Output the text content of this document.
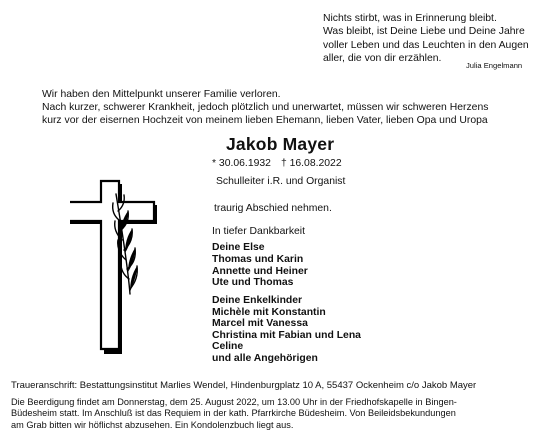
Nichts stirbt, was in Erinnerung bleibt.
Was bleibt, ist Deine Liebe und Deine Jahre
voller Leben und das Leuchten in den Augen
aller, die von dir erzählen.
Julia Engelmann
Wir haben den Mittelpunkt unserer Familie verloren.
Nach kurzer, schwerer Krankheit, jedoch plötzlich und unerwartet, müssen wir schweren Herzens
kurz vor der eisernen Hochzeit von meinem lieben Ehemann, lieben Vater, lieben Opa und Uropa
Jakob Mayer
* 30.06.1932 † 16.08.2022
Schulleiter i.R. und Organist
traurig Abschied nehmen.
In tiefer Dankbarkeit
Deine Else
Thomas und Karin
Annette und Heiner
Ute und Thomas
Deine Enkelkinder
Michèle mit Konstantin
Marcel mit Vanessa
Christina mit Fabian und Lena
Celine
und alle Angehörigen
Traueranschrift: Bestattungsinstitut Marlies Wendel, Hindenburgplatz 10 A, 55437 Ockenheim c/o Jakob Mayer
Die Beerdigung findet am Donnerstag, dem 25. August 2022, um 13.00 Uhr in der Friedhofskapelle in Bingen-
Büdesheim statt. Im Anschluß ist das Requiem in der kath. Pfarrkirche Büdesheim. Von Beileidsbekundungen
am Grab bitten wir höflichst abzusehen. Ein Kondolenzbuch liegt aus.
